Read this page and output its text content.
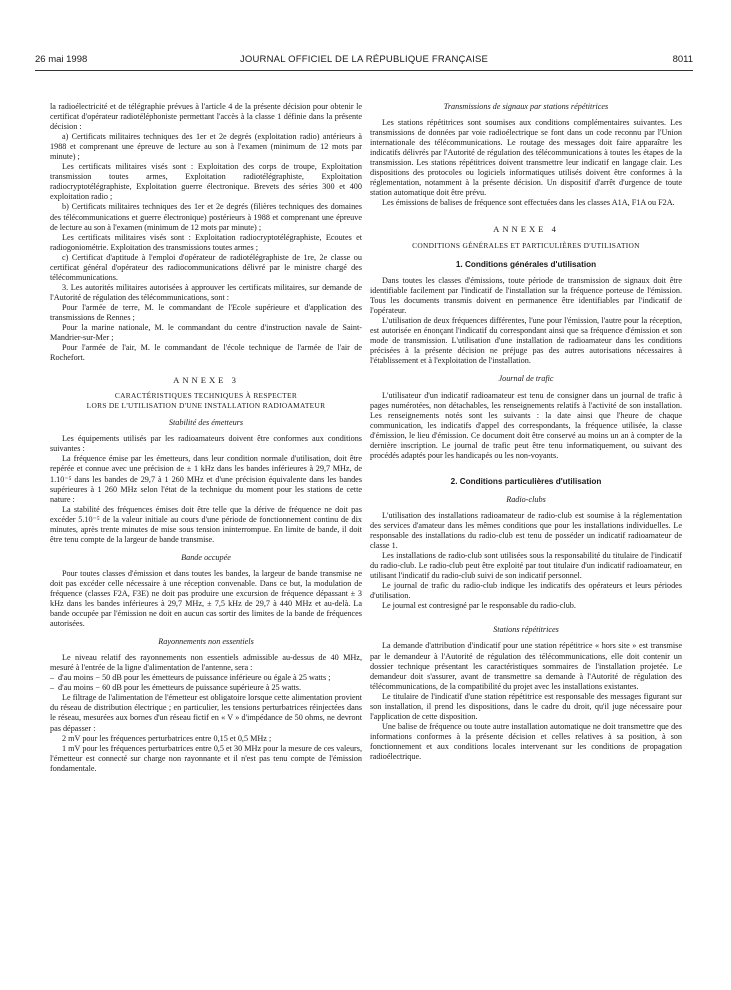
26 mai 1998	JOURNAL OFFICIEL DE LA RÉPUBLIQUE FRANÇAISE	8011

la radioélectricité et de télégraphie prévues à l'article 4 de la présente décision pour obtenir le certificat d'opérateur radiotéléphoniste permettant l'accès à la classe 1 définie dans la présente décision :

a) Certificats militaires techniques des 1er et 2e degrés (exploitation radio) antérieurs à 1988 et comprenant une épreuve de lecture au son à l'examen (minimum de 12 mots par minute) ;

Les certificats militaires visés sont : Exploitation des corps de troupe, Exploitation transmission toutes armes, Exploitation radiotélégraphiste, Exploitation radiocryptotélégraphiste, Exploitation guerre électronique. Brevets des séries 300 et 400 exploitation radio ;

b) Certificats militaires techniques des 1er et 2e degrés (filières techniques des domaines des télécommunications et guerre électronique) postérieurs à 1988 et comprenant une épreuve de lecture au son à l'examen (minimum de 12 mots par minute) ;

Les certificats militaires visés sont : Exploitation radiocryptotélégraphiste, Ecoutes et radiogoniométrie. Exploitation des transmissions toutes armes ;

c) Certificat d'aptitude à l'emploi d'opérateur de radiotélégraphiste de 1re, 2e classe ou certificat général d'opérateur des radiocommunications délivré par le ministre chargé des télécommunications.

3. Les autorités militaires autorisées à approuver les certificats militaires, sur demande de l'Autorité de régulation des télécommunications, sont :

Pour l'armée de terre, M. le commandant de l'Ecole supérieure et d'application des transmissions de Rennes ;

Pour la marine nationale, M. le commandant du centre d'instruction navale de Saint-Mandrier-sur-Mer ;

Pour l'armée de l'air, M. le commandant de l'école technique de l'armée de l'air de Rochefort.

ANNEXE 3
CARACTÉRISTIQUES TECHNIQUES À RESPECTER
LORS DE L'UTILISATION D'UNE INSTALLATION RADIOAMATEUR
Stabilité des émetteurs

Les équipements utilisés par les radioamateurs doivent être conformes aux conditions suivantes :

La fréquence émise par les émetteurs, dans leur condition normale d'utilisation, doit être repérée et connue avec une précision de ± 1 kHz dans les bandes inférieures à 29,7 MHz, de 1.10⁻⁵ dans les bandes de 29,7 à 1 260 MHz et d'une précision équivalente dans les bandes supérieures à 1 260 MHz selon l'état de la technique du moment pour les stations de cette nature :

La stabilité des fréquences émises doit être telle que la dérive de fréquence ne doit pas excéder 5.10⁻⁵ de la valeur initiale au cours d'une période de fonctionnement continu de dix minutes, après trente minutes de mise sous tension ininterrompue. En limite de bande, il doit être tenu compte de la largeur de bande transmise.

Bande occupée

Pour toutes classes d'émission et dans toutes les bandes, la largeur de bande transmise ne doit pas excéder celle nécessaire à une réception convenable. Dans ce but, la modulation de fréquence (classes F2A, F3E) ne doit pas produire une excursion de fréquence dépassant ± 3 kHz dans les bandes inférieures à 29,7 MHz, ± 7,5 kHz de 29,7 à 440 MHz et au-delà. La bande occupée par l'émission ne doit en aucun cas sortir des limites de la bande de fréquences autorisées.

Rayonnements non essentiels

Le niveau relatif des rayonnements non essentiels admissible au-dessus de 40 MHz, mesuré à l'entrée de la ligne d'alimentation de l'antenne, sera :

– d'au moins − 50 dB pour les émetteurs de puissance inférieure ou égale à 25 watts ;

– d'au moins − 60 dB pour les émetteurs de puissance supérieure à 25 watts.

Le filtrage de l'alimentation de l'émetteur est obligatoire lorsque cette alimentation provient du réseau de distribution électrique ; en particulier, les tensions perturbatrices réinjectées dans le réseau, mesurées aux bornes d'un réseau fictif en « V » d'impédance de 50 ohms, ne devront pas dépasser :

2 mV pour les fréquences perturbatrices entre 0,15 et 0,5 MHz ;

1 mV pour les fréquences perturbatrices entre 0,5 et 30 MHz pour la mesure de ces valeurs, l'émetteur est connecté sur charge non rayonnante et il n'est pas tenu compte de l'émission fondamentale.

Transmissions de signaux par stations répétitrices

Les stations répétitrices sont soumises aux conditions complémentaires suivantes. Les transmissions de données par voie radioélectrique se font dans un code reconnu par l'Union internationale des télécommunications. Le routage des messages doit faire apparaître les indicatifs délivrés par l'Autorité de régulation des télécommunications à toutes les étapes de la transmission. Les stations répétitrices doivent transmettre leur indicatif en langage clair. Les dispositions des protocoles ou logiciels informatiques utilisés doivent être conformes à la réglementation, notamment à la présente décision. Un dispositif d'arrêt d'urgence de toute station automatique doit être prévu.

Les émissions de balises de fréquence sont effectuées dans les classes A1A, F1A ou F2A.

ANNEXE 4
CONDITIONS GÉNÉRALES ET PARTICULIÈRES D'UTILISATION
1. Conditions générales d'utilisation

Dans toutes les classes d'émissions, toute période de transmission de signaux doit être identifiable facilement par l'indicatif de l'installation sur la fréquence porteuse de l'émission. Tous les documents transmis doivent en permanence être identifiables par l'indicatif de l'opérateur.

L'utilisation de deux fréquences différentes, l'une pour l'émission, l'autre pour la réception, est autorisée en énonçant l'indicatif du correspondant ainsi que sa fréquence d'émission et son mode de transmission. L'utilisation d'une installation de radioamateur dans les conditions précisées à la présente décision ne préjuge pas des autres autorisations nécessaires à l'établissement et à l'exploitation de l'installation.

Journal de trafic

L'utilisateur d'un indicatif radioamateur est tenu de consigner dans un journal de trafic à pages numérotées, non détachables, les renseignements relatifs à l'activité de son installation. Les renseignements notés sont les suivants : la date ainsi que l'heure de chaque communication, les indicatifs d'appel des correspondants, la fréquence utilisée, la classe d'émission, le lieu d'émission. Ce document doit être conservé au moins un an à compter de la dernière inscription. Le journal de trafic peut être tenu informatiquement, ou suivant des procédés adaptés pour les handicapés ou les non-voyants.

2. Conditions particulières d'utilisation
Radio-clubs

L'utilisation des installations radioamateur de radio-club est soumise à la réglementation des services d'amateur dans les mêmes conditions que pour les installations individuelles. Le responsable des installations du radio-club est tenu de posséder un indicatif radioamateur de classe 1.

Les installations de radio-club sont utilisées sous la responsabilité du titulaire de l'indicatif du radio-club. Le radio-club peut être exploité par tout titulaire d'un indicatif radioamateur, en utilisant l'indicatif du radio-club suivi de son indicatif personnel.

Le journal de trafic du radio-club indique les indicatifs des opérateurs et leurs périodes d'utilisation.

Le journal est contresigné par le responsable du radio-club.

Stations répétitrices

La demande d'attribution d'indicatif pour une station répétitrice « hors site » est transmise par le demandeur à l'Autorité de régulation des télécommunications, elle doit contenir un dossier technique présentant les caractéristiques sommaires de l'installation projetée. Le demandeur doit s'assurer, avant de transmettre sa demande à l'Autorité de régulation des télécommunications, de la compatibilité du projet avec les installations existantes.

Le titulaire de l'indicatif d'une station répétitrice est responsable des messages figurant sur son installation, il prend les dispositions, dans le cadre du droit, qu'il juge nécessaire pour l'application de cette disposition.

Une balise de fréquence ou toute autre installation automatique ne doit transmettre que des informations conformes à la présente décision et celles relatives à sa position, à son fonctionnement et aux conditions locales intervenant sur les conditions de propagation radioélectrique.
